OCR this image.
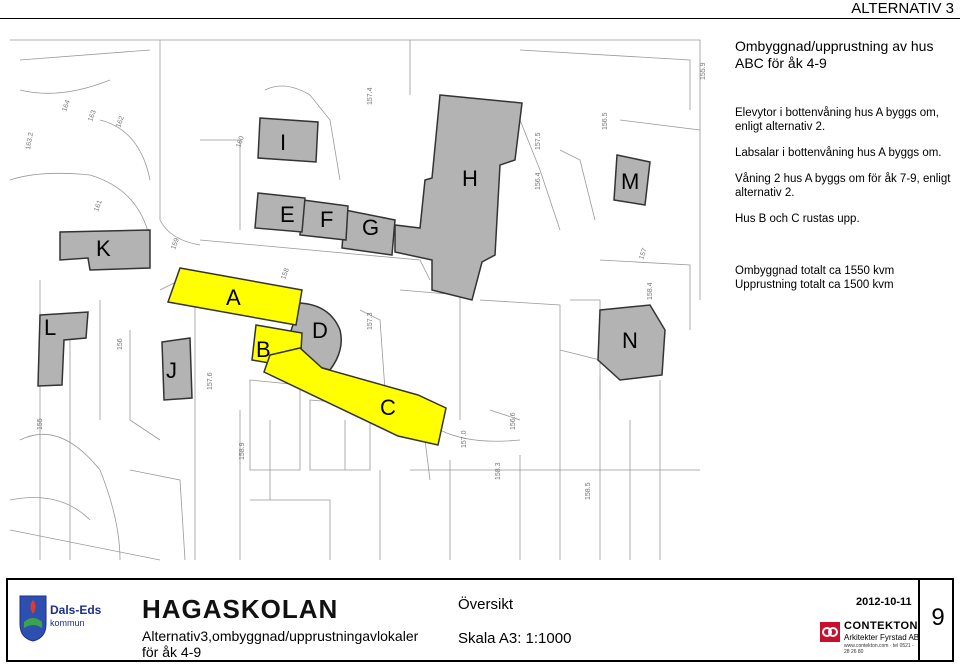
ALTERNATIV 3
163.2
164
163 162
161
160
159
158
157.4
156.5
157
158.4
156.4
155
157.3
157.6
157.0
156.6
158.3
158.5
155.9
158.9
157.5
156
I
H	M
E F G
K
A
L	D	N
B
J
C
Ombyggnad/upprustning av hus
ABC för åk 4-9
Elevytor i bottenvåning hus A byggs om, enligt alternativ 2.
Labsalar i bottenvåning hus A byggs om.
Våning 2 hus A byggs om för åk 7-9, enligt alternativ 2.
Hus B och C rustas upp.
Ombyggnad totalt ca 1550 kvm
Upprustning totalt ca 1500 kvm
Dals-Eds
kommun HAGASKOLAN
Alternativ3,ombyggnad/upprustningavlokaler
för åk 4-9
Översikt
Skala A3: 1:1000
2012-10-11
CONTEKTON
Arkitekter Fyrstad AB
www.contekton.com · tel 0521 - 28 26 80
9
